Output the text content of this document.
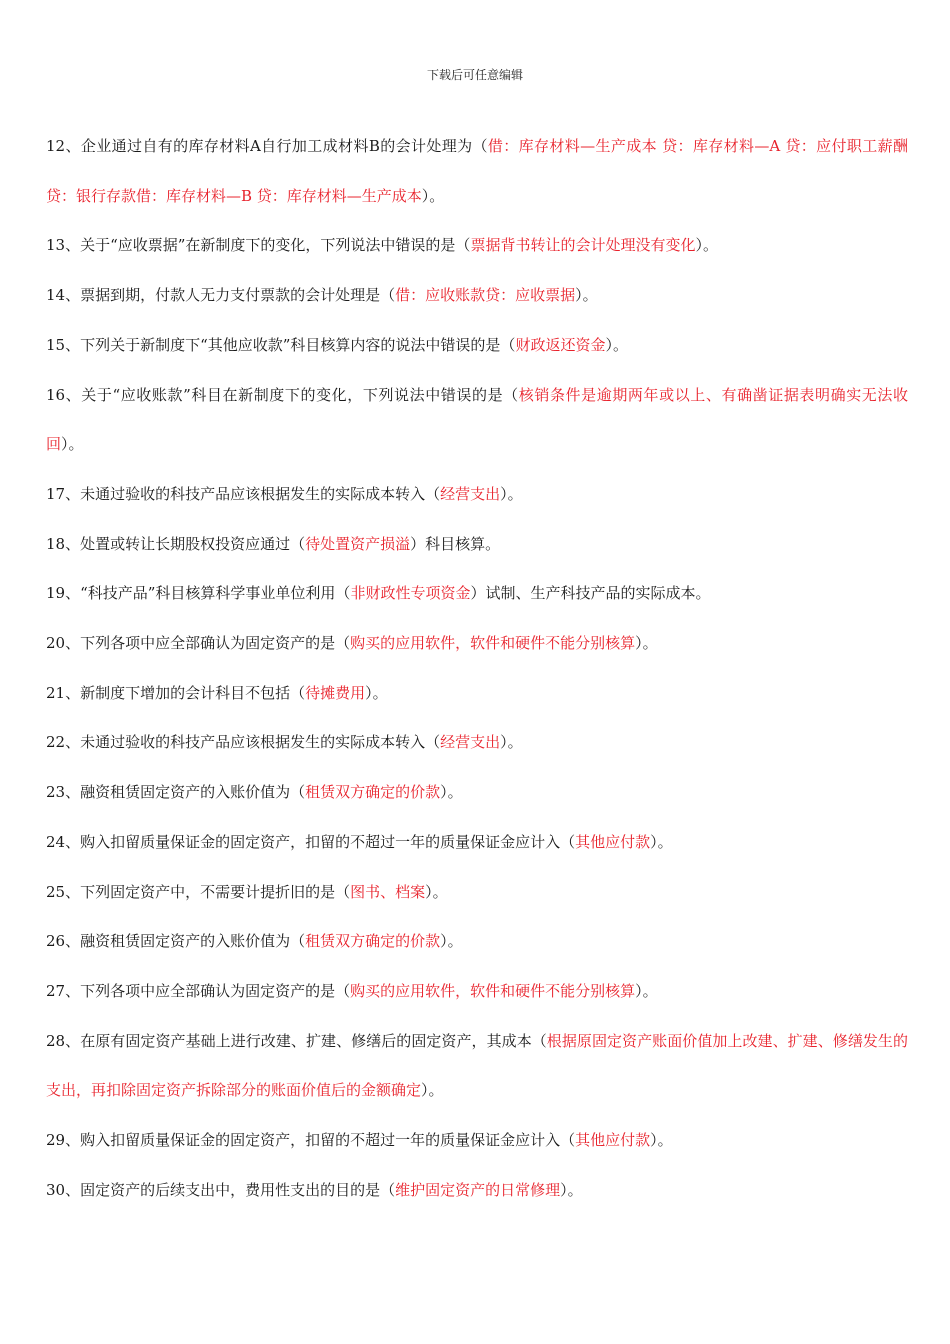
下载后可任意编辑

12、企业通过自有的库存材料A自行加工成材料B的会计处理为（借：库存材料—生产成本 贷：库存材料—A 贷：应付职工薪酬贷：银行存款借：库存材料—B 贷：库存材料—生产成本）。

13、关于“应收票据”在新制度下的变化，下列说法中错误的是（票据背书转让的会计处理没有变化）。

14、票据到期，付款人无力支付票款的会计处理是（借：应收账款贷：应收票据）。

15、下列关于新制度下“其他应收款”科目核算内容的说法中错误的是（财政返还资金）。

16、关于“应收账款”科目在新制度下的变化，下列说法中错误的是（核销条件是逾期两年或以上、有确凿证据表明确实无法收回）。

17、未通过验收的科技产品应该根据发生的实际成本转入（经营支出）。

18、处置或转让长期股权投资应通过（待处置资产损溢）科目核算。

19、“科技产品”科目核算科学事业单位利用（非财政性专项资金）试制、生产科技产品的实际成本。

20、下列各项中应全部确认为固定资产的是（购买的应用软件，软件和硬件不能分别核算）。

21、新制度下增加的会计科目不包括（待摊费用）。

22、未通过验收的科技产品应该根据发生的实际成本转入（经营支出）。

23、融资租赁固定资产的入账价值为（租赁双方确定的价款）。

24、购入扣留质量保证金的固定资产，扣留的不超过一年的质量保证金应计入（其他应付款）。

25、下列固定资产中，不需要计提折旧的是（图书、档案）。

26、融资租赁固定资产的入账价值为（租赁双方确定的价款）。

27、下列各项中应全部确认为固定资产的是（购买的应用软件，软件和硬件不能分别核算）。

28、在原有固定资产基础上进行改建、扩建、修缮后的固定资产，其成本（根据原固定资产账面价值加上改建、扩建、修缮发生的支出，再扣除固定资产拆除部分的账面价值后的金额确定）。

29、购入扣留质量保证金的固定资产，扣留的不超过一年的质量保证金应计入（其他应付款）。

30、固定资产的后续支出中，费用性支出的目的是（维护固定资产的日常修理）。
